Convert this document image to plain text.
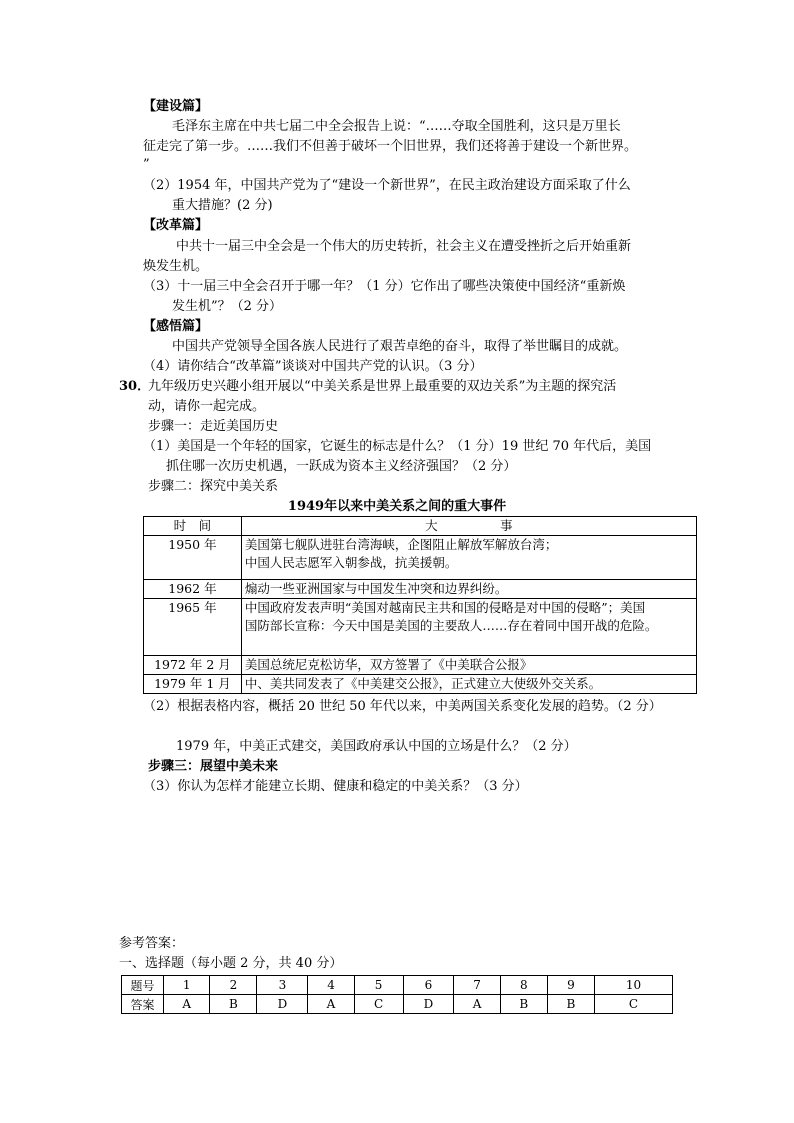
【建设篇】
毛泽东主席在中共七届二中全会报告上说：“……夺取全国胜利，这只是万里长
征走完了第一步。……我们不但善于破坏一个旧世界，我们还将善于建设一个新世界。
”
（2）1954 年，中国共产党为了“建设一个新世界”，在民主政治建设方面采取了什么
重大措施？(2 分)
【改革篇】
中共十一届三中全会是一个伟大的历史转折，社会主义在遭受挫折之后开始重新
焕发生机。
（3）十一届三中全会召开于哪一年？（1 分）它作出了哪些决策使中国经济“重新焕
发生机”？（2 分）
【感悟篇】
中国共产党领导全国各族人民进行了艰苦卓绝的奋斗，取得了举世瞩目的成就。
（4）请你结合“改革篇”谈谈对中国共产党的认识。（3 分）
30．
九年级历史兴趣小组开展以“中美关系是世界上最重要的双边关系”为主题的探究活
动，请你一起完成。
步骤一：走近美国历史
（1）美国是一个年轻的国家，它诞生的标志是什么？（1 分）19 世纪 70 年代后，美国
抓住哪一次历史机遇，一跃成为资本主义经济强国？（2 分）
步骤二：探究中美关系
1949年以来中美关系之间的重大事件
时　间	大　　　　　事
1950 年	美国第七舰队进驻台湾海峡，企图阻止解放军解放台湾；
中国人民志愿军入朝参战，抗美援朝。

1962 年	煽动一些亚洲国家与中国发生冲突和边界纠纷。

1965 年	中国政府发表声明“美国对越南民主共和国的侵略是对中国的侵略”；美国
国防部长宣称：今天中国是美国的主要敌人……存在着同中国开战的危险。

1972 年 2 月	美国总统尼克松访华，双方签署了《中美联合公报》

1979 年 1 月	中、美共同发表了《中美建交公报》，正式建立大使级外交关系。
（2）根据表格内容，概括 20 世纪 50 年代以来，中美两国关系变化发展的趋势。（2 分）
1979 年，中美正式建交，美国政府承认中国的立场是什么？（2 分）
步骤三：展望中美未来
（3）你认为怎样才能建立长期、健康和稳定的中美关系？（3 分）
参考答案：
一、选择题（每小题 2 分，共 40 分）
题号	1	2	3	4	5	6	7	8	9	10
答案	A	B	D	A	C	D	A	B	B	C
